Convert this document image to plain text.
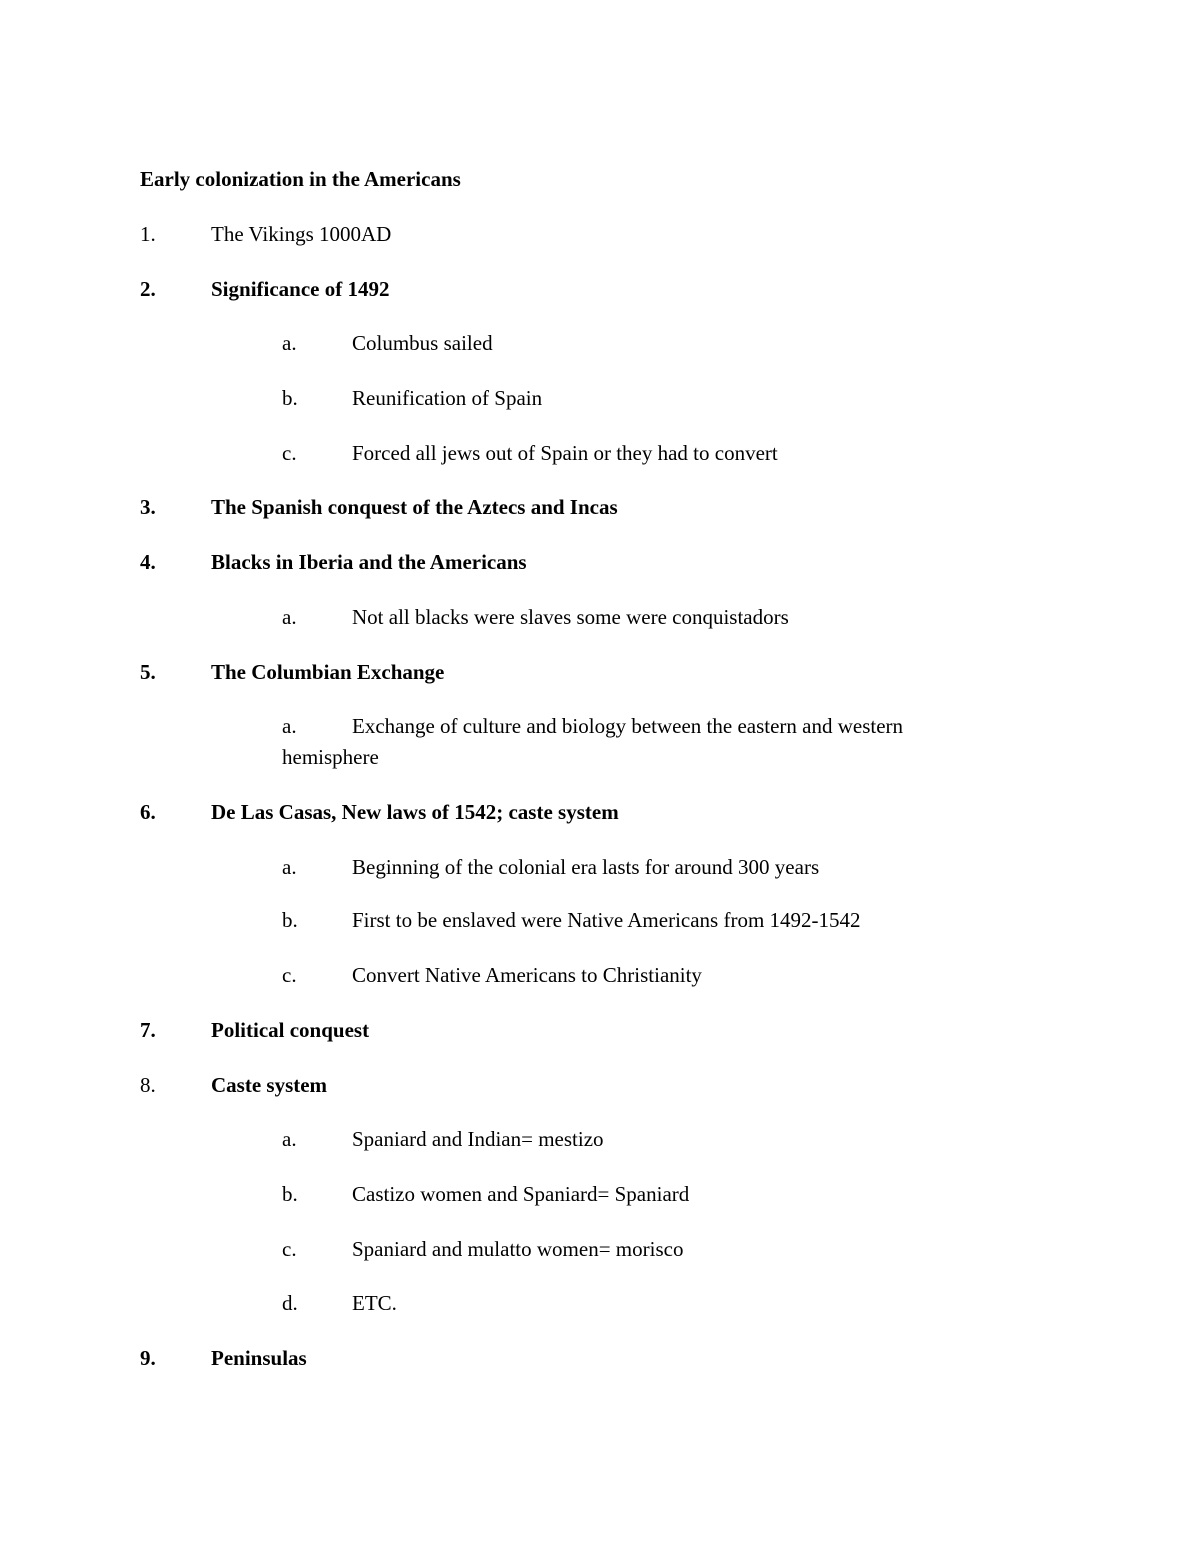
Early colonization in the Americans
1.	The Vikings 1000AD
2.	Significance of 1492
a.	Columbus sailed
b.	Reunification of Spain
c.	Forced all jews out of Spain or they had to convert
3.	The Spanish conquest of the Aztecs and Incas
4.	Blacks in Iberia and the Americans
a.	Not all blacks were slaves some were conquistadors
5.	The Columbian Exchange
a.	Exchange of culture and biology between the eastern and western
hemisphere
6.	De Las Casas, New laws of 1542; caste system
a.	Beginning of the colonial era lasts for around 300 years
b.	First to be enslaved were Native Americans from 1492-1542
c.	Convert Native Americans to Christianity
7.	Political conquest
8.	Caste system
a.	Spaniard and Indian= mestizo
b.	Castizo women and Spaniard= Spaniard
c.	Spaniard and mulatto women= morisco
d.	ETC.
9.	Peninsulas
